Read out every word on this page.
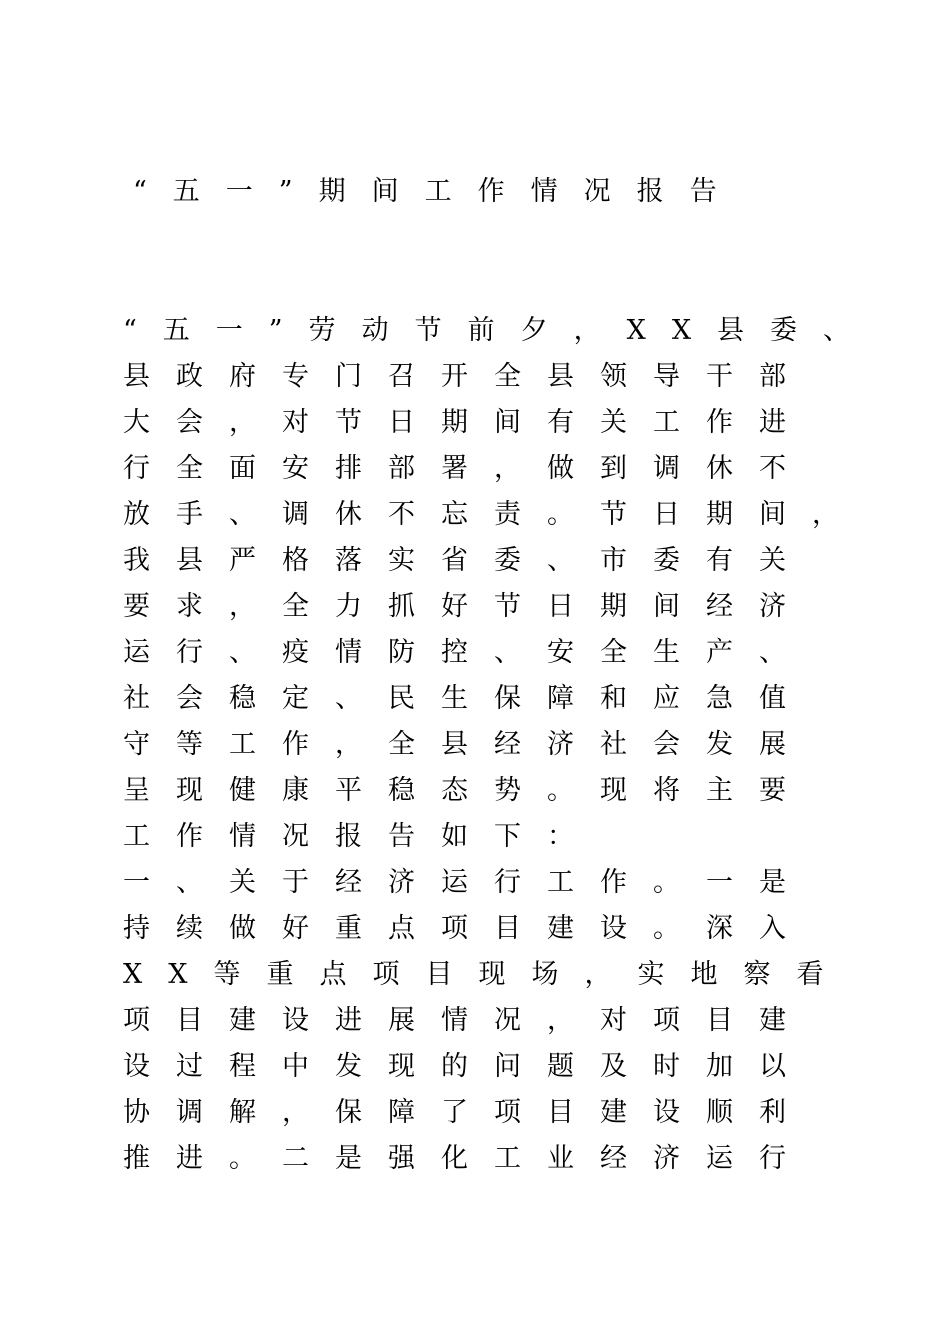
“五一”期间工作情况报告
“五一”劳动节前夕，XX县委、
县政府专门召开全县领导干部
大会，对节日期间有关工作进
行全面安排部署，做到调休不
放手、调休不忘责。节日期间，
我县严格落实省委、市委有关
要求，全力抓好节日期间经济
运行、疫情防控、安全生产、
社会稳定、民生保障和应急值
守等工作，全县经济社会发展
呈现健康平稳态势。现将主要
工作情况报告如下：
一、关于经济运行工作。一是
持续做好重点项目建设。深入
XX等重点项目现场，实地察看
项目建设进展情况，对项目建
设过程中发现的问题及时加以
协调解，保障了项目建设顺利
推进。二是强化工业经济运行
